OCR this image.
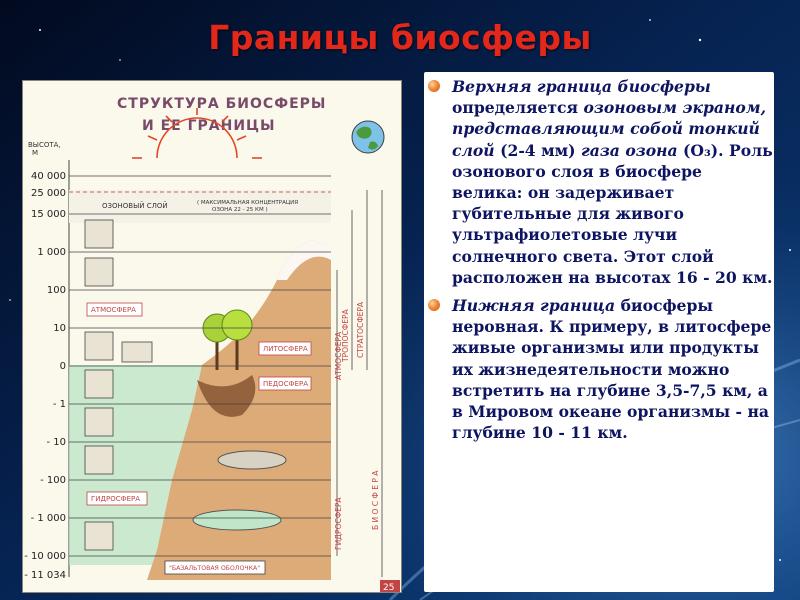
Границы биосферы
СТРУКТУРА БИОСФЕРЫ
И ЕЕ ГРАНИЦЫ
ВЫСОТА,
М
40 000
25 000
15 000
1 000
100
10
0
- 1
- 10
- 100
- 1 000
- 10 000
- 11 034
ОЗОНОВЫЙ СЛОЙ	( МАКСИМАЛЬНАЯ КОНЦЕНТРАЦИЯ
ОЗОНА 22 - 25 КМ )
АТМОСФЕРА
ЛИТОСФЕРА
ПЕДОСФЕРА
ГИДРОСФЕРА
"БАЗАЛЬТОВАЯ ОБОЛОЧКА"
ТРОПОСФЕРА СТРАТОСФЕРА
ГИДРОСФЕРА
АТМОСФЕРА
Б И О С Ф Е Р А
25

Верхняя граница биосферы определяется озоновым экраном, представляющим собой тонкий слой (2-4 мм) газа озона (О₃). Роль озонового слоя в биосфере велика: он задерживает губительные для живого ультрафиолетовые лучи солнечного света. Этот слой расположен на высотах 16 - 20 км.

Нижняя граница биосферы неровная. К примеру, в литосфере живые организмы или продукты их жизнедеятельности можно встретить на глубине 3,5-7,5 км, а в Мировом океане организмы - на глубине 10 - 11 км.
